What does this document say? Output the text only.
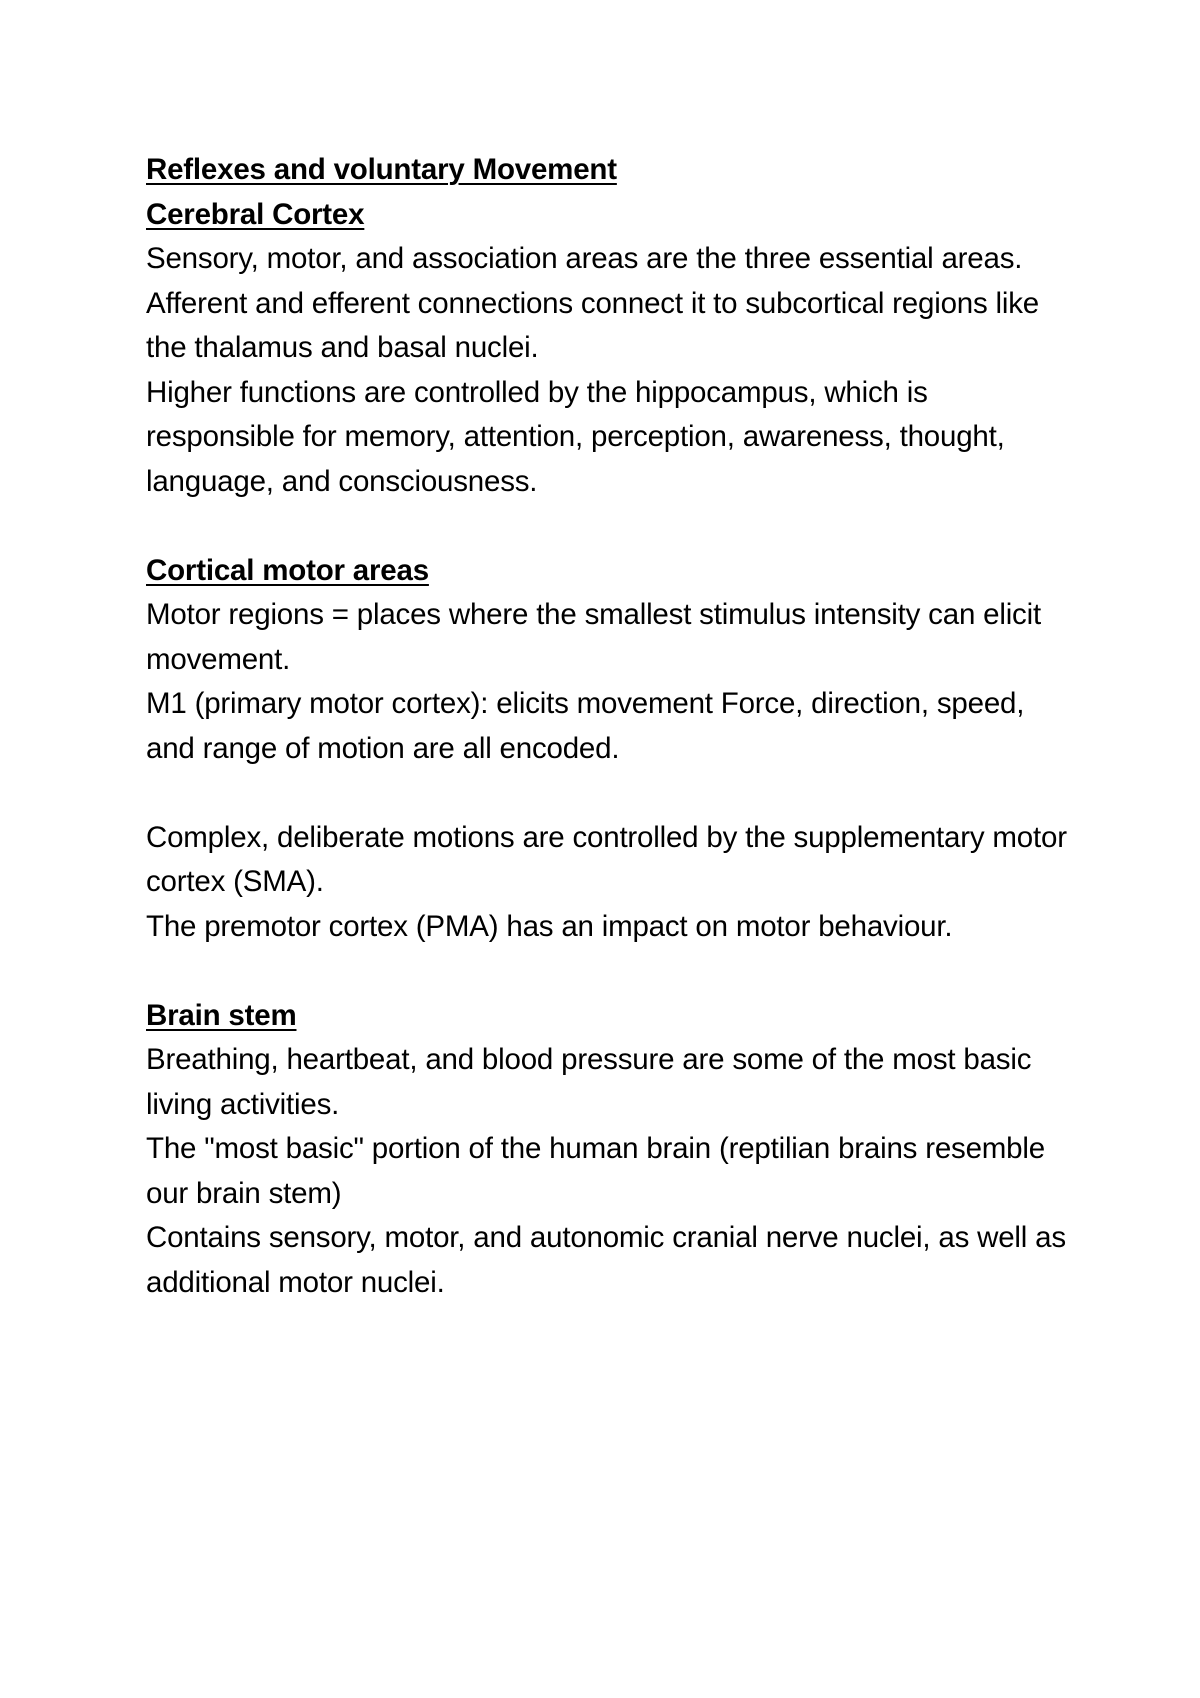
Reflexes and voluntary Movement

Cerebral Cortex

Sensory, motor, and association areas are the three essential areas.

Afferent and efferent connections connect it to subcortical regions like the thalamus and basal nuclei.

Higher functions are controlled by the hippocampus, which is responsible for memory, attention, perception, awareness, thought, language, and consciousness.

Cortical motor areas

Motor regions = places where the smallest stimulus intensity can elicit movement.

M1 (primary motor cortex): elicits movement Force, direction, speed, and range of motion are all encoded.

Complex, deliberate motions are controlled by the supplementary motor cortex (SMA).

The premotor cortex (PMA) has an impact on motor behaviour.

Brain stem

Breathing, heartbeat, and blood pressure are some of the most basic living activities.

The "most basic" portion of the human brain (reptilian brains resemble our brain stem)

Contains sensory, motor, and autonomic cranial nerve nuclei, as well as additional motor nuclei.
